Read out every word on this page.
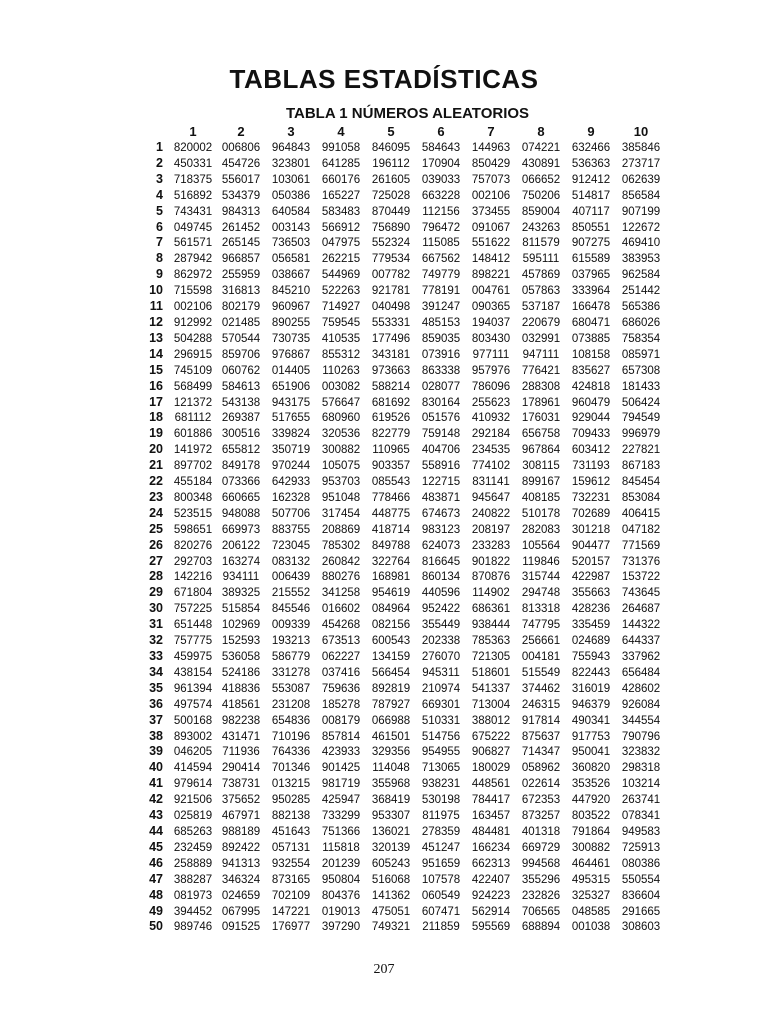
TABLAS ESTADÍSTICAS
TABLA 1 NÚMEROS ALEATORIOS
	1	2	3	4	5	6	7	8	9	10
1	820002	006806	964843	991058	846095	584643	144963	074221	632466	385846
2	450331	454726	323801	641285	196112	170904	850429	430891	536363	273717
3	718375	556017	103061	660176	261605	039033	757073	066652	912412	062639
4	516892	534379	050386	165227	725028	663228	002106	750206	514817	856584
5	743431	984313	640584	583483	870449	112156	373455	859004	407117	907199
6	049745	261452	003143	566912	756890	796472	091067	243263	850551	122672
7	561571	265145	736503	047975	552324	115085	551622	811579	907275	469410
8	287942	966857	056581	262215	779534	667562	148412	595111	615589	383953
9	862972	255959	038667	544969	007782	749779	898221	457869	037965	962584
10	715598	316813	845210	522263	921781	778191	004761	057863	333964	251442
11	002106	802179	960967	714927	040498	391247	090365	537187	166478	565386
12	912992	021485	890255	759545	553331	485153	194037	220679	680471	686026
13	504288	570544	730735	410535	177496	859035	803430	032991	073885	758354
14	296915	859706	976867	855312	343181	073916	977111	947111	108158	085971
15	745109	060762	014405	110263	973663	863338	957976	776421	835627	657308
16	568499	584613	651906	003082	588214	028077	786096	288308	424818	181433
17	121372	543138	943175	576647	681692	830164	255623	178961	960479	506424
18	681112	269387	517655	680960	619526	051576	410932	176031	929044	794549
19	601886	300516	339824	320536	822779	759148	292184	656758	709433	996979
20	141972	655812	350719	300882	110965	404706	234535	967864	603412	227821
21	897702	849178	970244	105075	903357	558916	774102	308115	731193	867183
22	455184	073366	642933	953703	085543	122715	831141	899167	159612	845454
23	800348	660665	162328	951048	778466	483871	945647	408185	732231	853084
24	523515	948088	507706	317454	448775	674673	240822	510178	702689	406415
25	598651	669973	883755	208869	418714	983123	208197	282083	301218	047182
26	820276	206122	723045	785302	849788	624073	233283	105564	904477	771569
27	292703	163274	083132	260842	322764	816645	901822	119846	520157	731376
28	142216	934111	006439	880276	168981	860134	870876	315744	422987	153722
29	671804	389325	215552	341258	954619	440596	114902	294748	355663	743645
30	757225	515854	845546	016602	084964	952422	686361	813318	428236	264687
31	651448	102969	009339	454268	082156	355449	938444	747795	335459	144322
32	757775	152593	193213	673513	600543	202338	785363	256661	024689	644337
33	459975	536058	586779	062227	134159	276070	721305	004181	755943	337962
34	438154	524186	331278	037416	566454	945311	518601	515549	822443	656484
35	961394	418836	553087	759636	892819	210974	541337	374462	316019	428602
36	497574	418561	231208	185278	787927	669301	713004	246315	946379	926084
37	500168	982238	654836	008179	066988	510331	388012	917814	490341	344554
38	893002	431471	710196	857814	461501	514756	675222	875637	917753	790796
39	046205	711936	764336	423933	329356	954955	906827	714347	950041	323832
40	414594	290414	701346	901425	114048	713065	180029	058962	360820	298318
41	979614	738731	013215	981719	355968	938231	448561	022614	353526	103214
42	921506	375652	950285	425947	368419	530198	784417	672353	447920	263741
43	025819	467971	882138	733299	953307	811975	163457	873257	803522	078341
44	685263	988189	451643	751366	136021	278359	484481	401318	791864	949583
45	232459	892422	057131	115818	320139	451247	166234	669729	300882	725913
46	258889	941313	932554	201239	605243	951659	662313	994568	464461	080386
47	388287	346324	873165	950804	516068	107578	422407	355296	495315	550554
48	081973	024659	702109	804376	141362	060549	924223	232826	325327	836604
49	394452	067995	147221	019013	475051	607471	562914	706565	048585	291665
50	989746	091525	176977	397290	749321	211859	595569	688894	001038	308603
207
